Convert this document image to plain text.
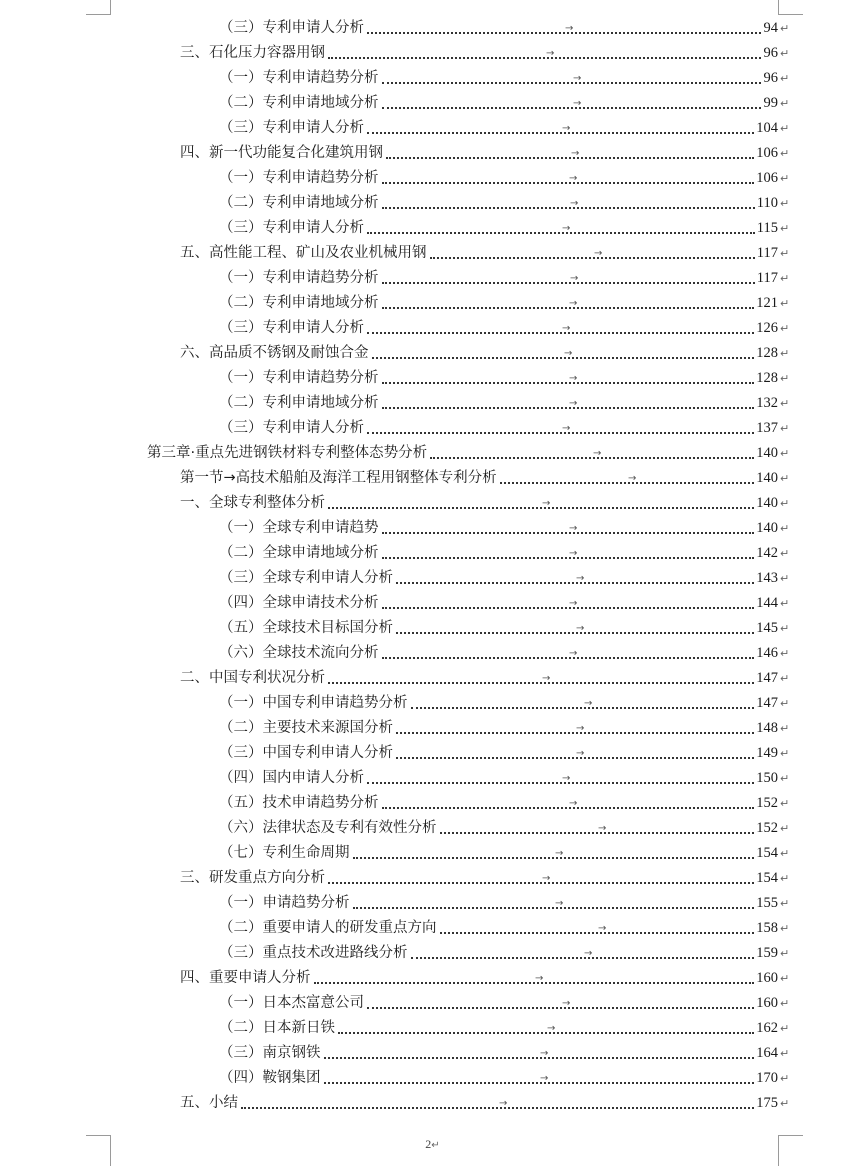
（三）专利申请人分析	→	94 ↵
三、石化压力容器用钢	→	96 ↵
（一）专利申请趋势分析	→	96 ↵
（二）专利申请地域分析	→	99 ↵
（三）专利申请人分析	→	104 ↵
四、新一代功能复合化建筑用钢	→	106 ↵
（一）专利申请趋势分析	→	106 ↵
（二）专利申请地域分析	→	110 ↵
（三）专利申请人分析	→	115 ↵
五、高性能工程、矿山及农业机械用钢	→	117 ↵
（一）专利申请趋势分析	→	117 ↵
（二）专利申请地域分析	→	121 ↵
（三）专利申请人分析	→	126 ↵
六、高品质不锈钢及耐蚀合金	→	128 ↵
（一）专利申请趋势分析	→	128 ↵
（二）专利申请地域分析	→	132 ↵
（三）专利申请人分析	→	137 ↵
第三章·重点先进钢铁材料专利整体态势分析	→	140 ↵
第一节→高技术船舶及海洋工程用钢整体专利分析	→	140 ↵
一、全球专利整体分析	→	140 ↵
（一）全球专利申请趋势	→	140 ↵
（二）全球申请地域分析	→	142 ↵
（三）全球专利申请人分析	→	143 ↵
（四）全球申请技术分析	→	144 ↵
（五）全球技术目标国分析	→	145 ↵
（六）全球技术流向分析	→	146 ↵
二、中国专利状况分析	→	147 ↵
（一）中国专利申请趋势分析	→	147 ↵
（二）主要技术来源国分析	→	148 ↵
（三）中国专利申请人分析	→	149 ↵
（四）国内申请人分析	→	150 ↵
（五）技术申请趋势分析	→	152 ↵
（六）法律状态及专利有效性分析	→	152 ↵
（七）专利生命周期	→	154 ↵
三、研发重点方向分析	→	154 ↵
（一）申请趋势分析	→	155 ↵
（二）重要申请人的研发重点方向	→	158 ↵
（三）重点技术改进路线分析	→	159 ↵
四、重要申请人分析	→	160 ↵
（一）日本杰富意公司	→	160 ↵
（二）日本新日铁	→	162 ↵
（三）南京钢铁	→	164 ↵
（四）鞍钢集团	→	170 ↵
五、小结	→	175 ↵
2↵
